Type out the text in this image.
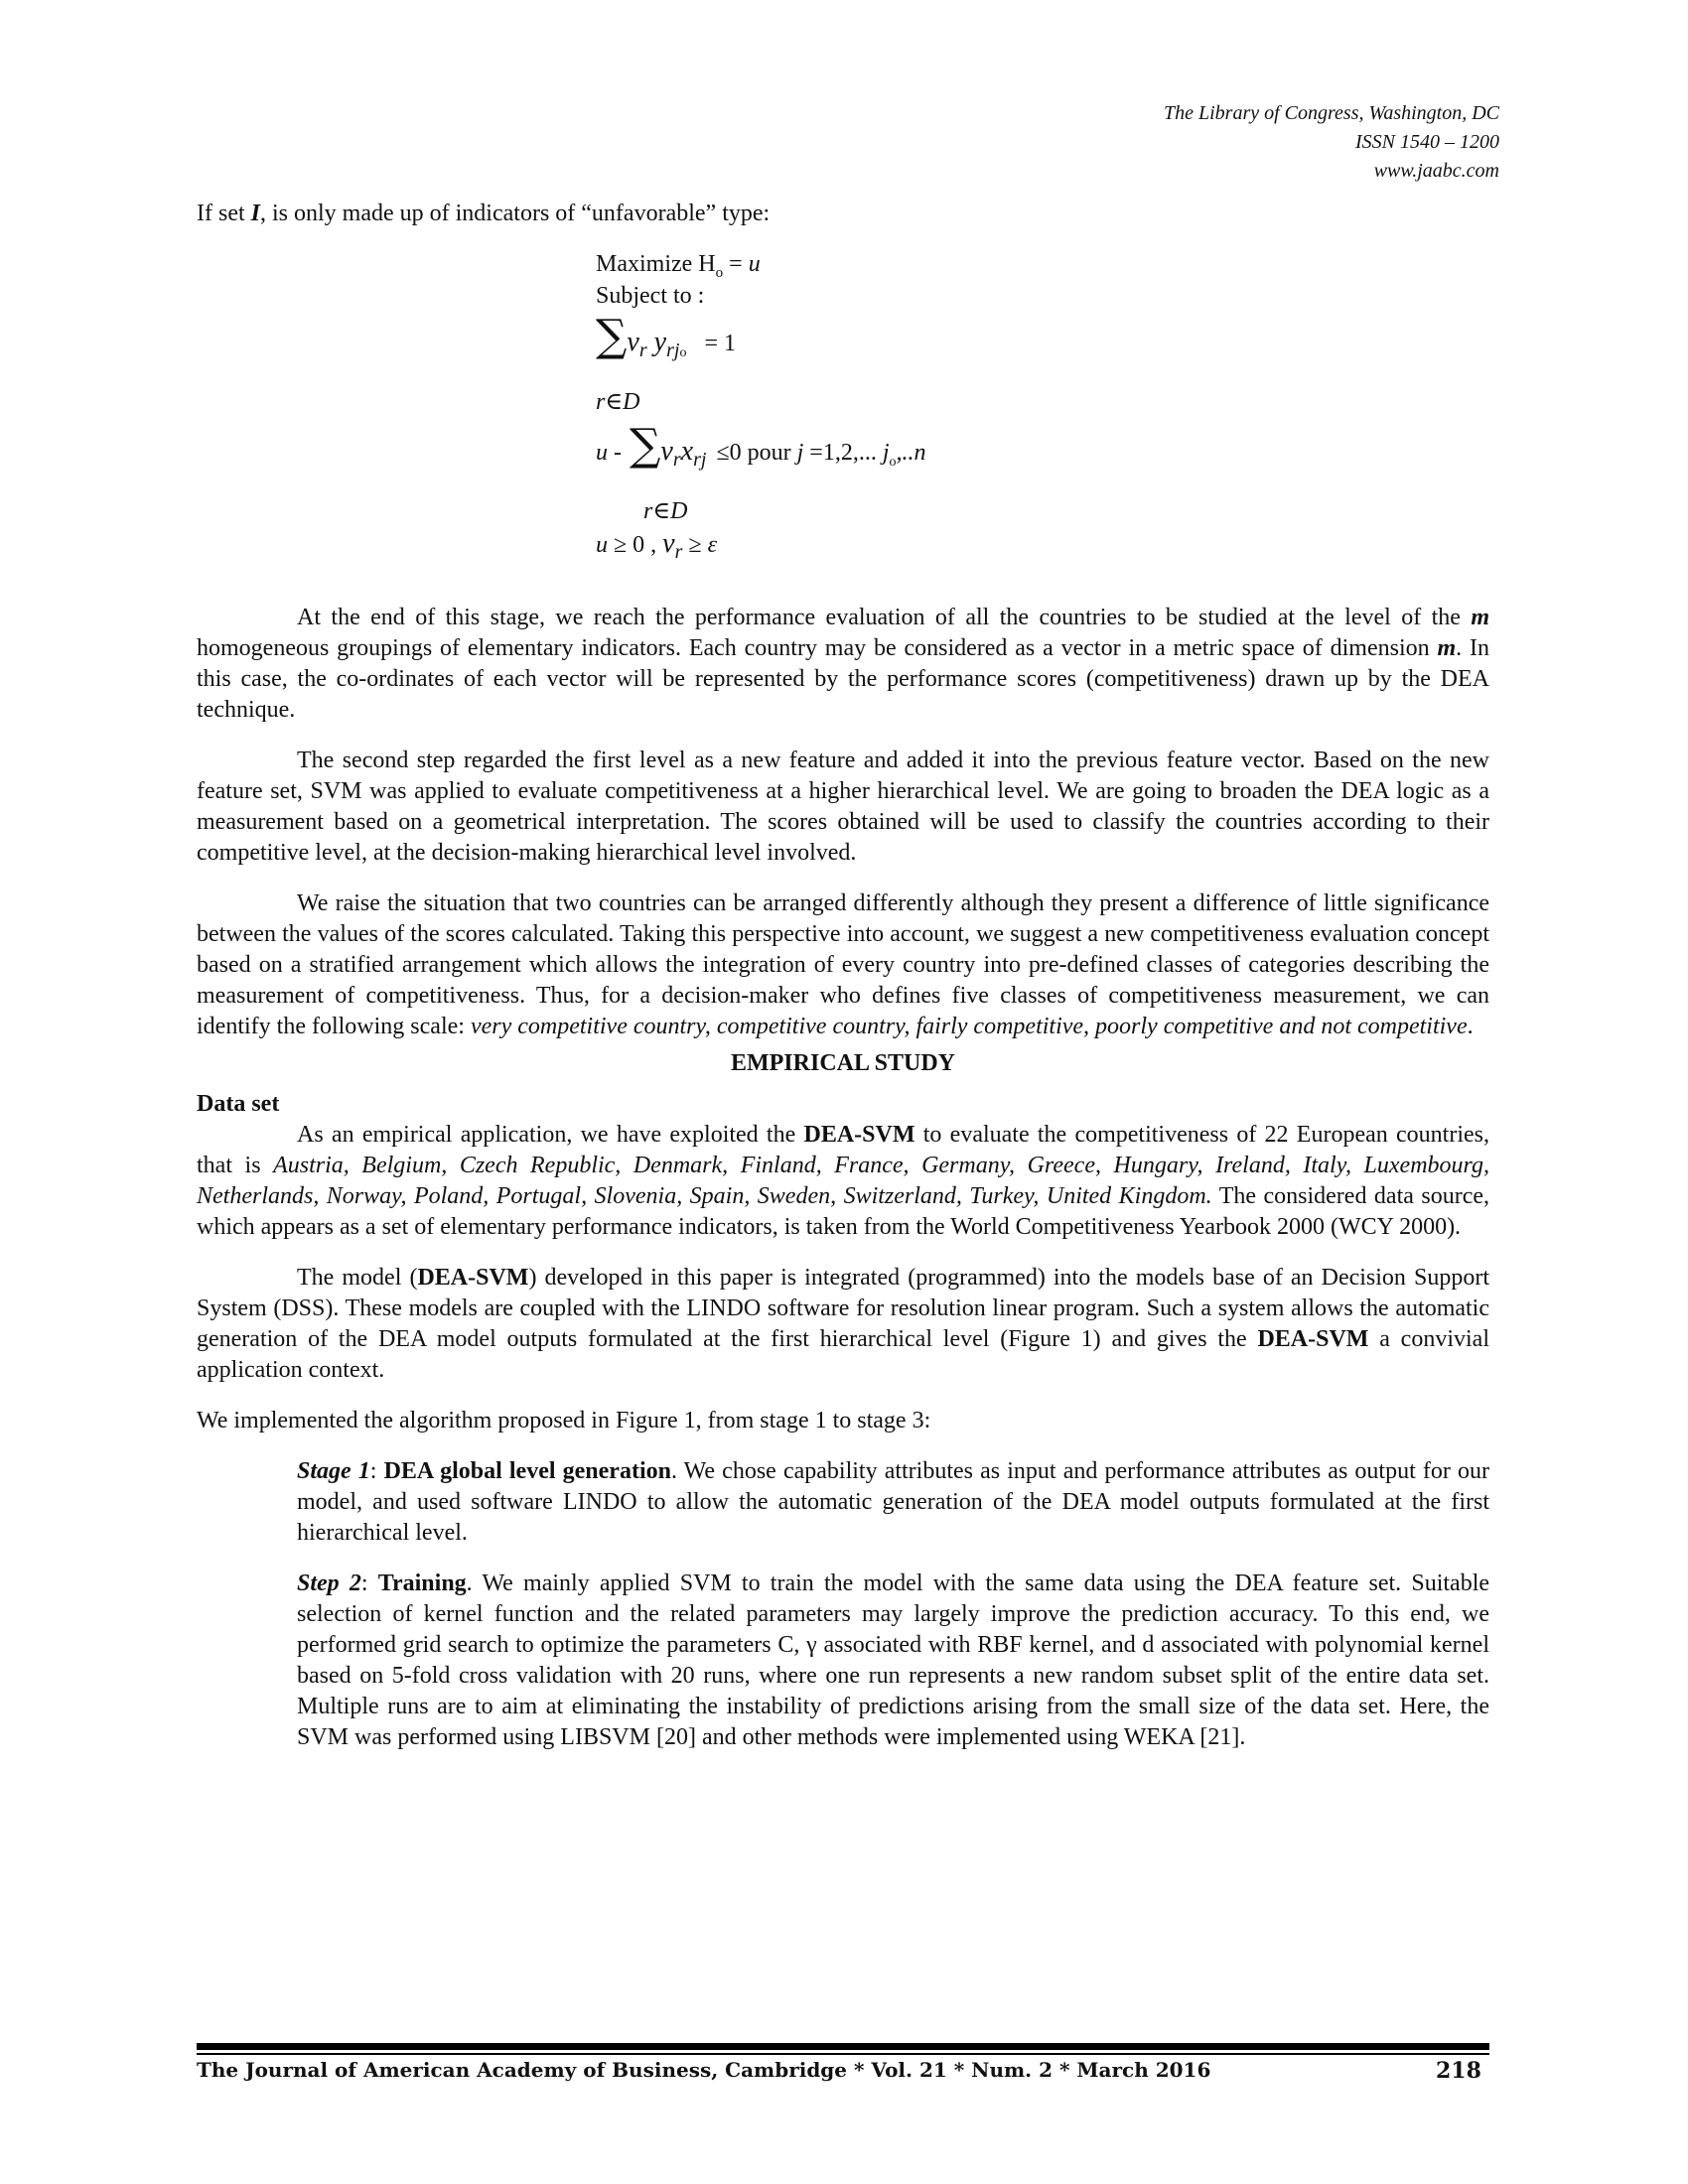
The Library of Congress, Washington, DC
ISSN 1540 – 1200
www.jaabc.com

If set I, is only made up of indicators of “unfavorable” type:

Maximize $H_o = u$
Subject to :
$\sum v_r$ $y_{rjo} = 1$
r∈D
$u - \sum v_rx_{rj} \le 0$ pour j =1,2,... $j_o,..n$
r∈D
u ≥ 0 , $v_r \ge \varepsilon$

At the end of this stage, we reach the performance evaluation of all the countries to be studied at the level of the m homogeneous groupings of elementary indicators. Each country may be considered as a vector in a metric space of dimension m. In this case, the co-ordinates of each vector will be represented by the performance scores (competitiveness) drawn up by the DEA technique.

The second step regarded the first level as a new feature and added it into the previous feature vector. Based on the new feature set, SVM was applied to evaluate competitiveness at a higher hierarchical level. We are going to broaden the DEA logic as a measurement based on a geometrical interpretation. The scores obtained will be used to classify the countries according to their competitive level, at the decision-making hierarchical level involved.

We raise the situation that two countries can be arranged differently although they present a difference of little significance between the values of the scores calculated. Taking this perspective into account, we suggest a new competitiveness evaluation concept based on a stratified arrangement which allows the integration of every country into pre-defined classes of categories describing the measurement of competitiveness. Thus, for a decision-maker who defines five classes of competitiveness measurement, we can identify the following scale: very competitive country, competitive country, fairly competitive, poorly competitive and not competitive.

EMPIRICAL STUDY
Data set

As an empirical application, we have exploited the DEA-SVM to evaluate the competitiveness of 22 European countries, that is Austria, Belgium, Czech Republic, Denmark, Finland, France, Germany, Greece, Hungary, Ireland, Italy, Luxembourg, Netherlands, Norway, Poland, Portugal, Slovenia, Spain, Sweden, Switzerland, Turkey, United Kingdom. The considered data source, which appears as a set of elementary performance indicators, is taken from the World Competitiveness Yearbook 2000 (WCY 2000).

The model (DEA-SVM) developed in this paper is integrated (programmed) into the models base of an Decision Support System (DSS). These models are coupled with the LINDO software for resolution linear program. Such a system allows the automatic generation of the DEA model outputs formulated at the first hierarchical level (Figure 1) and gives the DEA-SVM a convivial application context.

We implemented the algorithm proposed in Figure 1, from stage 1 to stage 3:

Stage 1: DEA global level generation. We chose capability attributes as input and performance attributes as output for our model, and used software LINDO to allow the automatic generation of the DEA model outputs formulated at the first hierarchical level.

Step 2: Training. We mainly applied SVM to train the model with the same data using the DEA feature set. Suitable selection of kernel function and the related parameters may largely improve the prediction accuracy. To this end, we performed grid search to optimize the parameters C, γ associated with RBF kernel, and d associated with polynomial kernel based on 5-fold cross validation with 20 runs, where one run represents a new random subset split of the entire data set. Multiple runs are to aim at eliminating the instability of predictions arising from the small size of the data set. Here, the SVM was performed using LIBSVM [20] and other methods were implemented using WEKA [21].

The Journal of American Academy of Business, Cambridge * Vol. 21 * Num. 2 * March 2016	218
